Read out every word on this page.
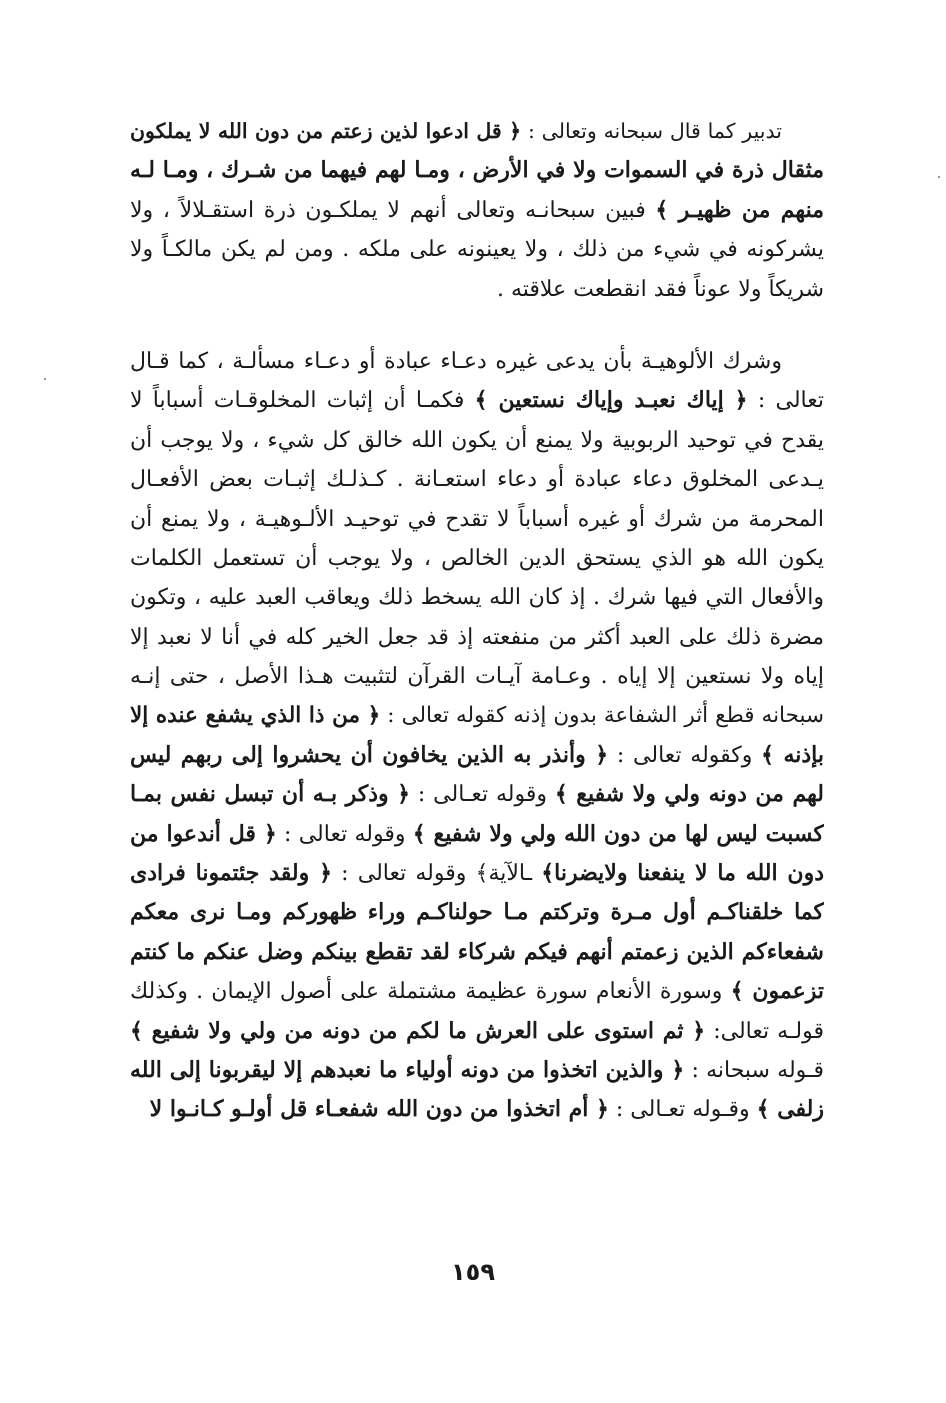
تدبير كما قال سبحانه وتعالى : ﴿ قل ادعوا لذين زعتم من دون الله لا يملكون
مثقال ذرة في السموات ولا في الأرض ، ومـا لهم فيهما من شـرك ، ومـا لـه
منهم من ظهيـر ﴾ فبين سبحانـه وتعالى أنهم لا يملكـون ذرة استقـلالاً ، ولا
يشركونه في شيء من ذلك ، ولا يعينونه على ملكه . ومن لم يكن مالكـاً ولا
شريكاً ولا عوناً فقد انقطعت علاقته .
وشرك الألوهيـة بأن يدعى غيره دعـاء عبادة أو دعـاء مسألـة ، كما قـال
تعالى : ﴿ إياك نعبـد وإياك نستعين ﴾ فكمـا أن إثبات المخلوقـات أسباباً لا
يقدح في توحيد الربوبية ولا يمنع أن يكون الله خالق كل شيء ، ولا يوجب أن
يـدعى المخلوق دعاء عبادة أو دعاء استعـانة . كـذلـك إثبـات بعض الأفعـال
المحرمة من شرك أو غيره أسباباً لا تقدح في توحيـد الألـوهيـة ، ولا يمنع أن
يكون الله هو الذي يستحق الدين الخالص ، ولا يوجب أن تستعمل الكلمات
والأفعال التي فيها شرك . إذ كان الله يسخط ذلك ويعاقب العبد عليه ، وتكون
مضرة ذلك على العبد أكثر من منفعته إذ قد جعل الخير كله في أنا لا نعبد إلا
إياه ولا نستعين إلا إياه . وعـامة آيـات القرآن لتثبيت هـذا الأصل ، حتى إنـه
سبحانه قطع أثر الشفاعة بدون إذنه كقوله تعالى : ﴿ من ذا الذي يشفع عنده إلا
بإذنه ﴾ وكقوله تعالى : ﴿ وأنذر به الذين يخافون أن يحشروا إلى ربهم ليس
لهم من دونه ولي ولا شفيع ﴾ وقوله تعـالى : ﴿ وذكر بـه أن تبسل نفس بمـا
كسبت ليس لها من دون الله ولي ولا شفيع ﴾ وقوله تعالى : ﴿ قل أندعوا من
دون الله ما لا ينفعنا ولايضرنا﴾ ـالآية﴾ وقوله تعالى : ﴿ ولقد جئتمونا فرادى
كما خلقناكـم أول مـرة وتركتم مـا حولناكـم وراء ظهوركم ومـا نرى معكم
شفعاءكم الذين زعمتم أنهم فيكم شركاء لقد تقطع بينكم وضل عنكم ما كنتم
تزعمون ﴾ وسورة الأنعام سورة عظيمة مشتملة على أصول الإيمان . وكذلك
قولـه تعالى: ﴿ ثم استوى على العرش ما لكم من دونه من ولي ولا شفيع ﴾
قـوله سبحانه : ﴿ والذين اتخذوا من دونه أولياء ما نعبدهم إلا ليقربونا إلى الله
زلفى ﴾ وقـوله تعـالى : ﴿ أم اتخذوا من دون الله شفعـاء قل أولـو كـانـوا لا
١٥٩
